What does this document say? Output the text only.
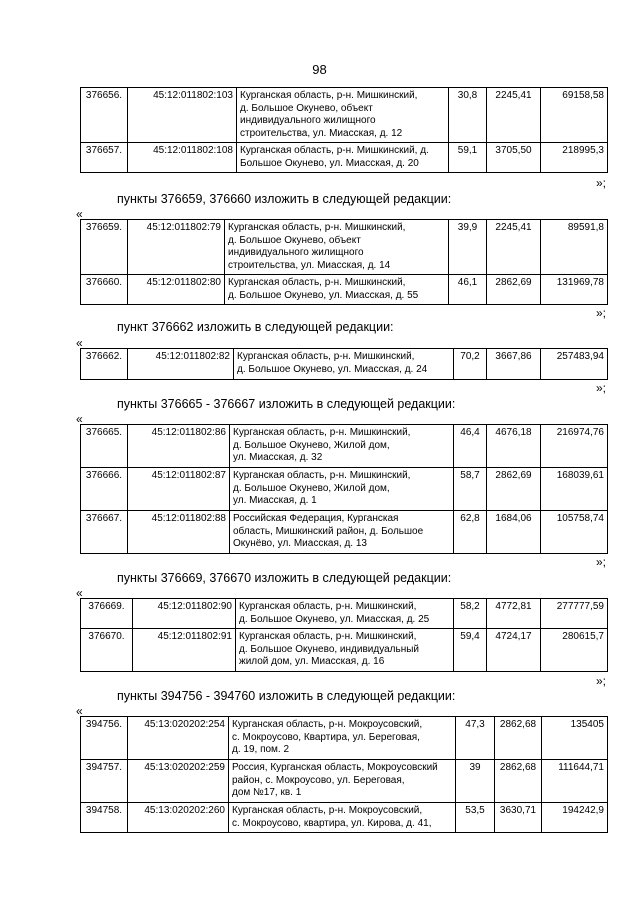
98
376656.	45:12:011802:103	Курганская область, р-н. Мишкинский,
д. Большое Окунево, объект
индивидуального жилищного
строительства, ул. Миасская, д. 12	30,8	2245,41	69158,58
376657.	45:12:011802:108	Курганская область, р-н. Мишкинский, д.
Большое Окунево, ул. Миасская, д. 20	59,1	3705,50	218995,3
»;
пункты 376659, 376660 изложить в следующей редакции:
«
376659.	45:12:011802:79	Курганская область, р-н. Мишкинский,
д. Большое Окунево, объект
индивидуального жилищного
строительства, ул. Миасская, д. 14	39,9	2245,41	89591,8
376660.	45:12:011802:80	Курганская область, р-н. Мишкинский,
д. Большое Окунево, ул. Миасская, д. 55	46,1	2862,69	131969,78
»;
пункт 376662 изложить в следующей редакции:
«
376662.	45:12:011802:82	Курганская область, р-н. Мишкинский,
д. Большое Окунево, ул. Миасская, д. 24
	70,2	3667,86	257483,94
»;
пункты 376665 - 376667 изложить в следующей редакции:
«
376665.	45:12:011802:86	Курганская область, р-н. Мишкинский,
д. Большое Окунево, Жилой дом,
ул. Миасская, д. 32	46,4	4676,18	216974,76
376666.	45:12:011802:87	Курганская область, р-н. Мишкинский,
д. Большое Окунево, Жилой дом,
ул. Миасская, д. 1	58,7	2862,69	168039,61
376667.	45:12:011802:88	Российская Федерация, Курганская
область, Мишкинский район, д. Большое
Окунёво, ул. Миасская, д. 13	62,8	1684,06	105758,74
»;
пункты 376669, 376670 изложить в следующей редакции:
«
376669.	45:12:011802:90	Курганская область, р-н. Мишкинский,
д. Большое Окунево, ул. Миасская, д. 25	58,2	4772,81	277777,59
376670.	45:12:011802:91	Курганская область, р-н. Мишкинский,
д. Большое Окунево, индивидуальный
жилой дом, ул. Миасская, д. 16	59,4	4724,17	280615,7
»;
пункты 394756 - 394760 изложить в следующей редакции:
«
394756.	45:13:020202:254	Курганская область, р-н. Мокроусовский,
с. Мокроусово, Квартира, ул. Береговая,
д. 19, пом. 2	47,3	2862,68	135405
394757.	45:13:020202:259	Россия, Курганская область, Мокроусовский
район, с. Мокроусово, ул. Береговая,
дом №17, кв. 1	39	2862,68	111644,71
394758.	45:13:020202:260	Курганская область, р-н. Мокроусовский,
с. Мокроусово, квартира, ул. Кирова, д. 41,	53,5	3630,71	194242,9
